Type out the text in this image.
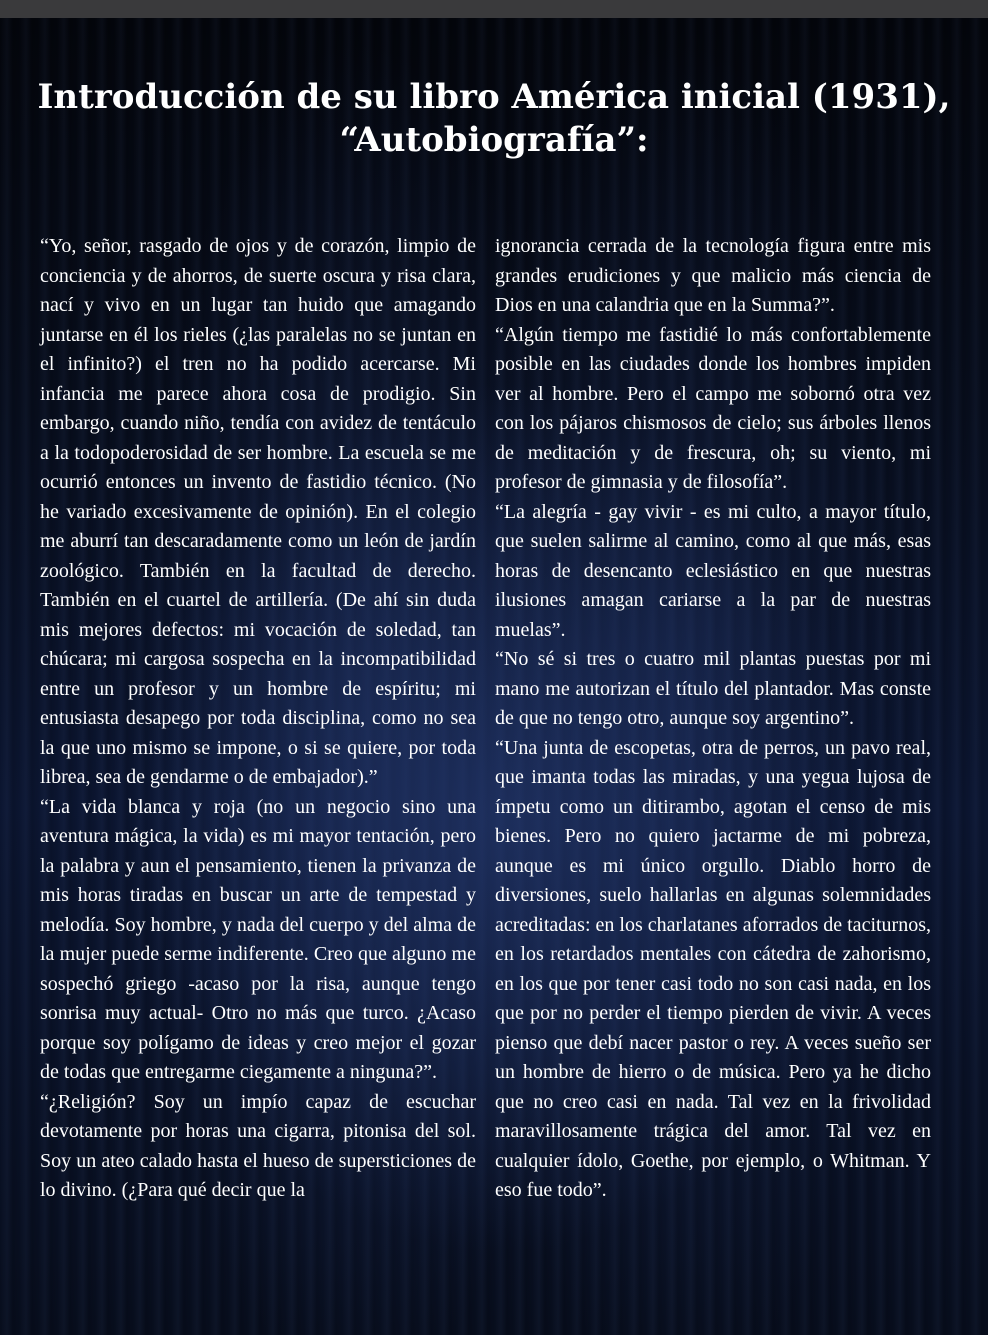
Introducción de su libro América inicial (1931),
“Autobiografía”:

“Yo, señor, rasgado de ojos y de corazón, limpio de conciencia y de ahorros, de suerte oscura y risa clara, nací y vivo en un lugar tan huido que amagando juntarse en él los rieles (¿las paralelas no se juntan en el infinito?) el tren no ha podido acercarse. Mi infancia me parece ahora cosa de prodigio. Sin embargo, cuando niño, tendía con avidez de tentáculo a la todopoderosidad de ser hombre. La escuela se me ocurrió entonces un invento de fastidio técnico. (No he variado excesivamente de opinión). En el colegio me aburrí tan descaradamente como un león de jardín zoológico. También en la facultad de derecho. También en el cuartel de artillería. (De ahí sin duda mis mejores defectos: mi vocación de soledad, tan chúcara; mi cargosa sospecha en la incompatibilidad entre un profesor y un hombre de espíritu; mi entusiasta desapego por toda disciplina, como no sea la que uno mismo se impone, o si se quiere, por toda librea, sea de gendarme o de embajador).”

“La vida blanca y roja (no un negocio sino una aventura mágica, la vida) es mi mayor tentación, pero la palabra y aun el pensamiento, tienen la privanza de mis horas tiradas en buscar un arte de tempestad y melodía. Soy hombre, y nada del cuerpo y del alma de la mujer puede serme indiferente. Creo que alguno me sospechó griego -acaso por la risa, aunque tengo sonrisa muy actual- Otro no más que turco. ¿Acaso porque soy polígamo de ideas y creo mejor el gozar de todas que entregarme ciegamente a ninguna?”.

“¿Religión? Soy un impío capaz de escuchar devotamente por horas una cigarra, pitonisa del sol. Soy un ateo calado hasta el hueso de supersticiones de lo divino. (¿Para qué decir que la

ignorancia cerrada de la tecnología figura entre mis grandes erudiciones y que malicio más ciencia de Dios en una calandria que en la Summa?”.

“Algún tiempo me fastidié lo más confortablemente posible en las ciudades donde los hombres impiden ver al hombre. Pero el campo me sobornó otra vez con los pájaros chismosos de cielo; sus árboles llenos de meditación y de frescura, oh; su viento, mi profesor de gimnasia y de filosofía”.

“La alegría - gay vivir - es mi culto, a mayor título, que suelen salirme al camino, como al que más, esas horas de desencanto eclesiástico en que nuestras ilusiones amagan cariarse a la par de nuestras muelas”.

“No sé si tres o cuatro mil plantas puestas por mi mano me autorizan el título del plantador. Mas conste de que no tengo otro, aunque soy argentino”.

“Una junta de escopetas, otra de perros, un pavo real, que imanta todas las miradas, y una yegua lujosa de ímpetu como un ditirambo, agotan el censo de mis bienes. Pero no quiero jactarme de mi pobreza, aunque es mi único orgullo. Diablo horro de diversiones, suelo hallarlas en algunas solemnidades acreditadas: en los charlatanes aforrados de taciturnos, en los retardados mentales con cátedra de zahorismo, en los que por tener casi todo no son casi nada, en los que por no perder el tiempo pierden de vivir. A veces pienso que debí nacer pastor o rey. A veces sueño ser un hombre de hierro o de música. Pero ya he dicho que no creo casi en nada. Tal vez en la frivolidad maravillosamente trágica del amor. Tal vez en cualquier ídolo, Goethe, por ejemplo, o Whitman. Y eso fue todo”.
